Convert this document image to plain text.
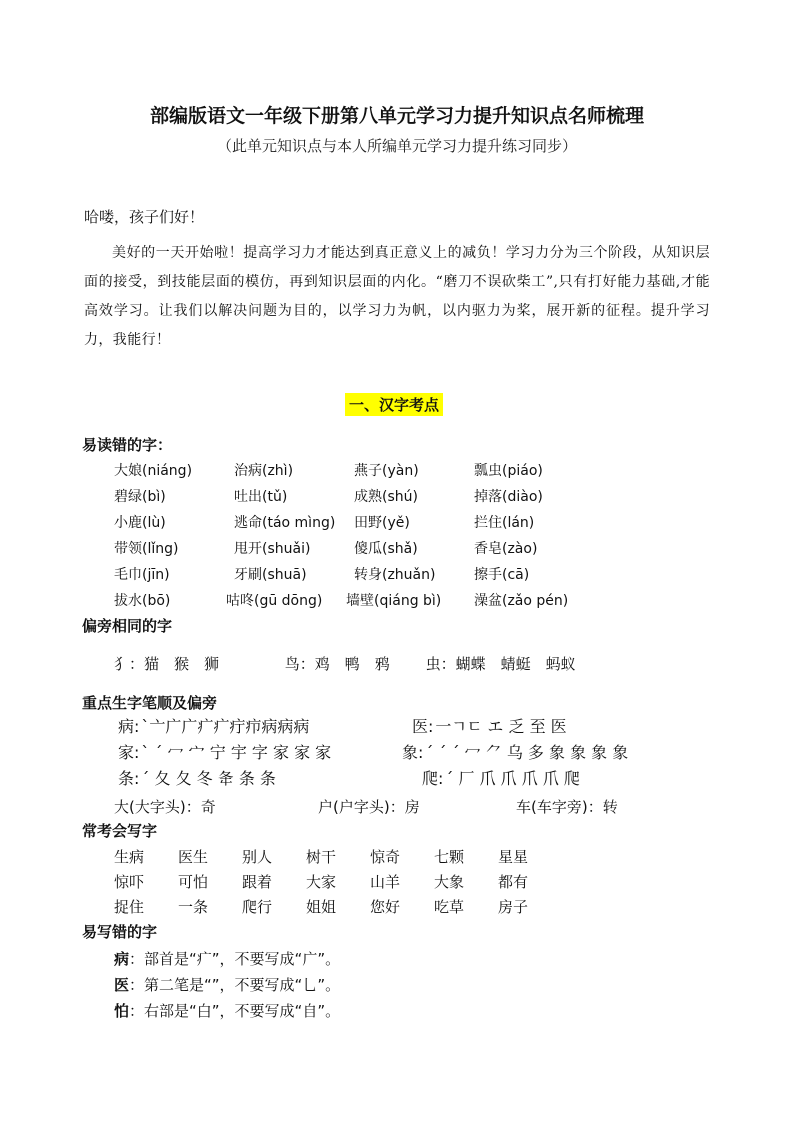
部编版语文一年级下册第八单元学习力提升知识点名师梳理
（此单元知识点与本人所编单元学习力提升练习同步）
哈喽，孩子们好！
美好的一天开始啦！提高学习力才能达到真正意义上的减负！学习力分为三个阶段，从知识层面的接受，到技能层面的模仿，再到知识层面的内化。“磨刀不误砍柴工”,只有打好能力基础,才能高效学习。让我们以解决问题为目的，以学习力为帆，以内驱力为桨，展开新的征程。提升学习力，我能行！
一、汉字考点
易读错的字：
大娘(niáng)	治病(zhì)	燕子(yàn)	瓢虫(piáo)
碧绿(bì)	吐出(tǔ)	成熟(shú)	掉落(diào)
小鹿(lù)	逃命(táo mìng)	田野(yě)	拦住(lán)
带领(lǐng)	甩开(shuǎi)	傻瓜(shǎ)	香皂(zào)
毛巾(jīn)	牙刷(shuā)	转身(zhuǎn)	擦手(cā)
拔水(bō)	咕咚(gū dōng)	墙壁(qiáng bì)	澡盆(zǎo pén)
偏旁相同的字
犭：猫　猴　狮	鸟：鸡　鸭　鸦 虫：蝴蝶　蜻蜓　蚂蚁
重点生字笔顺及偏旁
病: ˋ亠广广疒疒疔疖病病病	医: 一ㄱㄷ エ 乏 至 医
家: ˋ ˊ 冖 宀 宁 宇 字 家 家 家	象: ˊ ˊ ˊ 冖 ⺈ 乌 多 象 象 象 象
条: ˊ 夂 夂 冬 夅 条 条	爬: ˊ 厂 爪 爪 爪 爪 爬
大(大字头)：奇	户(户字头)：房	车(车字旁)：转
常考会写字
生病	医生	别人	树干	惊奇	七颗	星星
惊吓	可怕	跟着	大家	山羊	大象	都有
捉住	一条	爬行	姐姐	您好	吃草	房子
易写错的字
病：部首是“疒”，不要写成“广”。
医：第二笔是“”，不要写成“乚”。
怕：右部是“白”，不要写成“自”。
